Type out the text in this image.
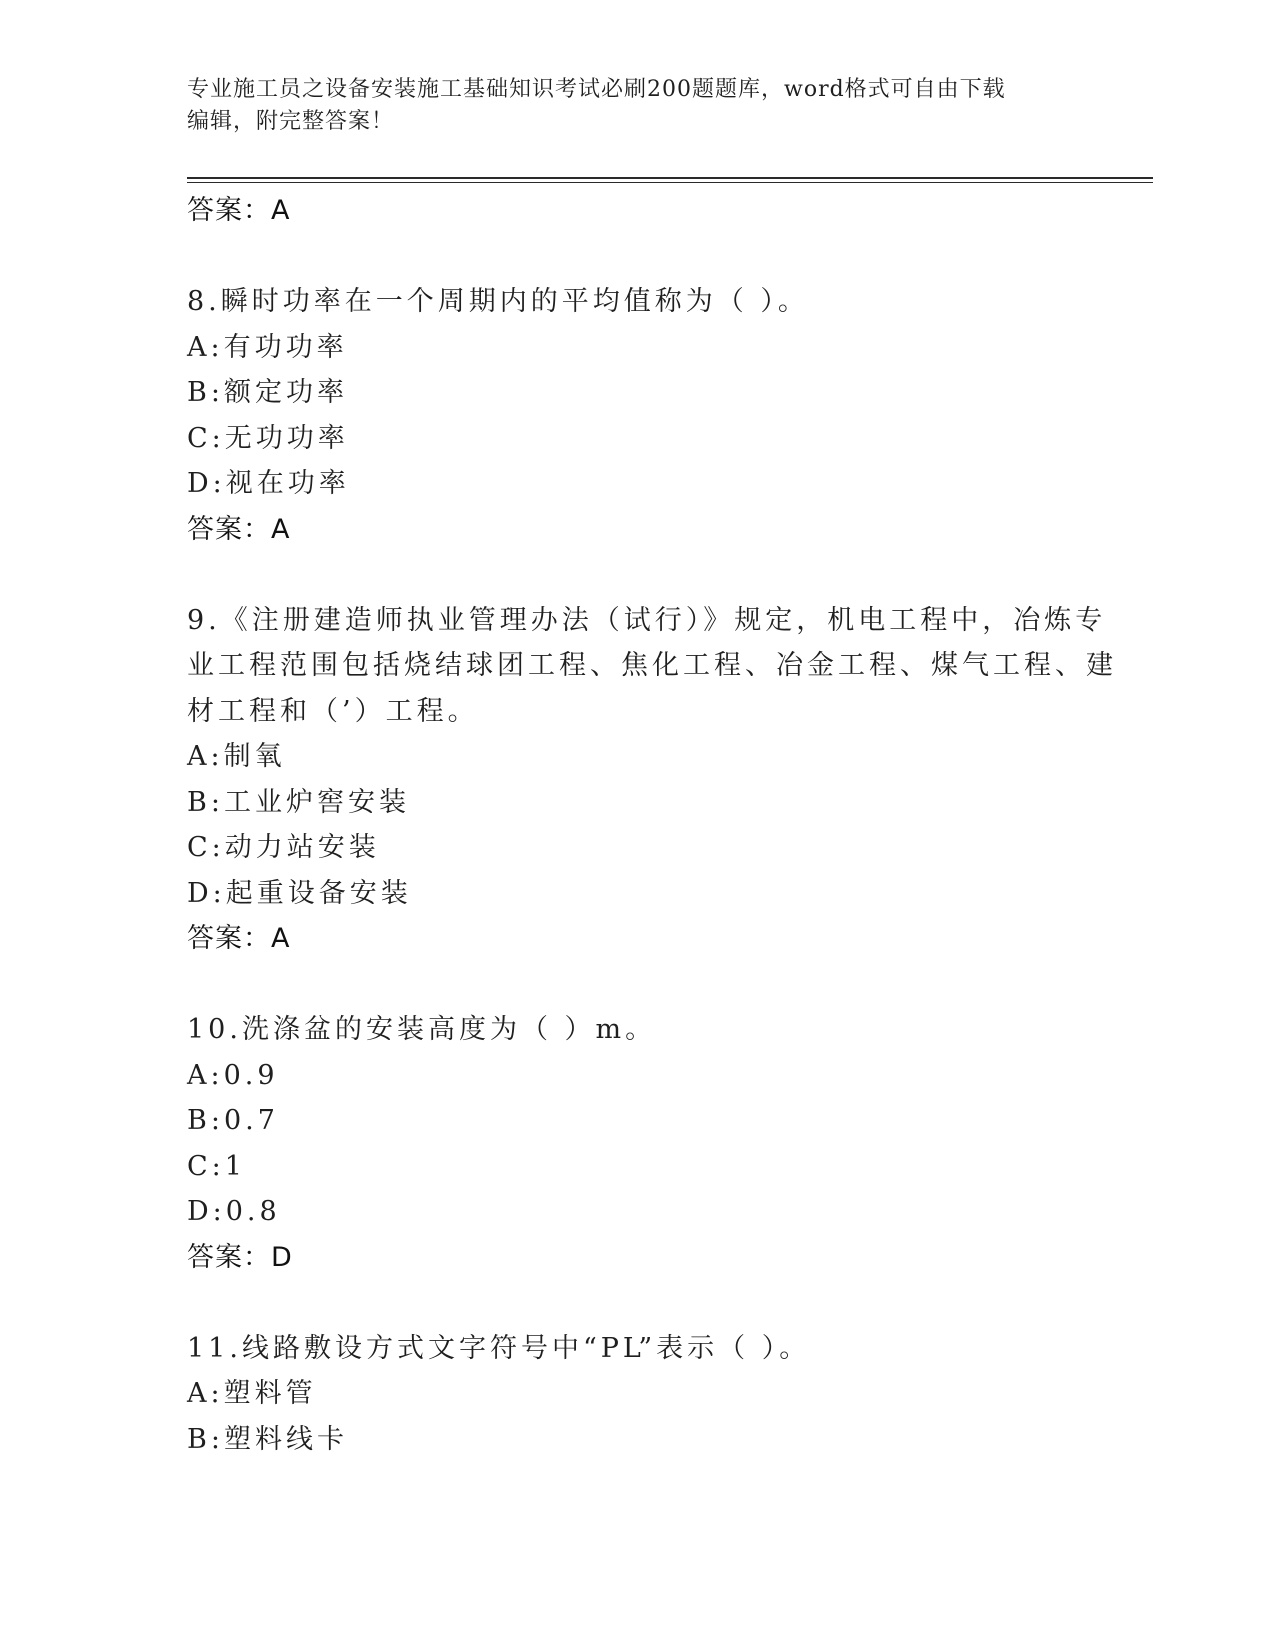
专业施工员之设备安装施工基础知识考试必刷200题题库，word格式可自由下载
编辑，附完整答案！
答案：A
8.瞬时功率在一个周期内的平均值称为（ ）。
A:有功功率
B:额定功率
C:无功功率
D:视在功率
答案：A
9.《注册建造师执业管理办法（试行）》规定，机电工程中，冶炼专
业工程范围包括烧结球团工程、焦化工程、冶金工程、煤气工程、建
材工程和（’）工程。
A:制氧
B:工业炉窖安装
C:动力站安装
D:起重设备安装
答案：A
10.洗涤盆的安装高度为（ ）m。
A:0.9
B:0.7
C:1
D:0.8
答案：D
11.线路敷设方式文字符号中“PL”表示（ ）。
A:塑料管
B:塑料线卡
